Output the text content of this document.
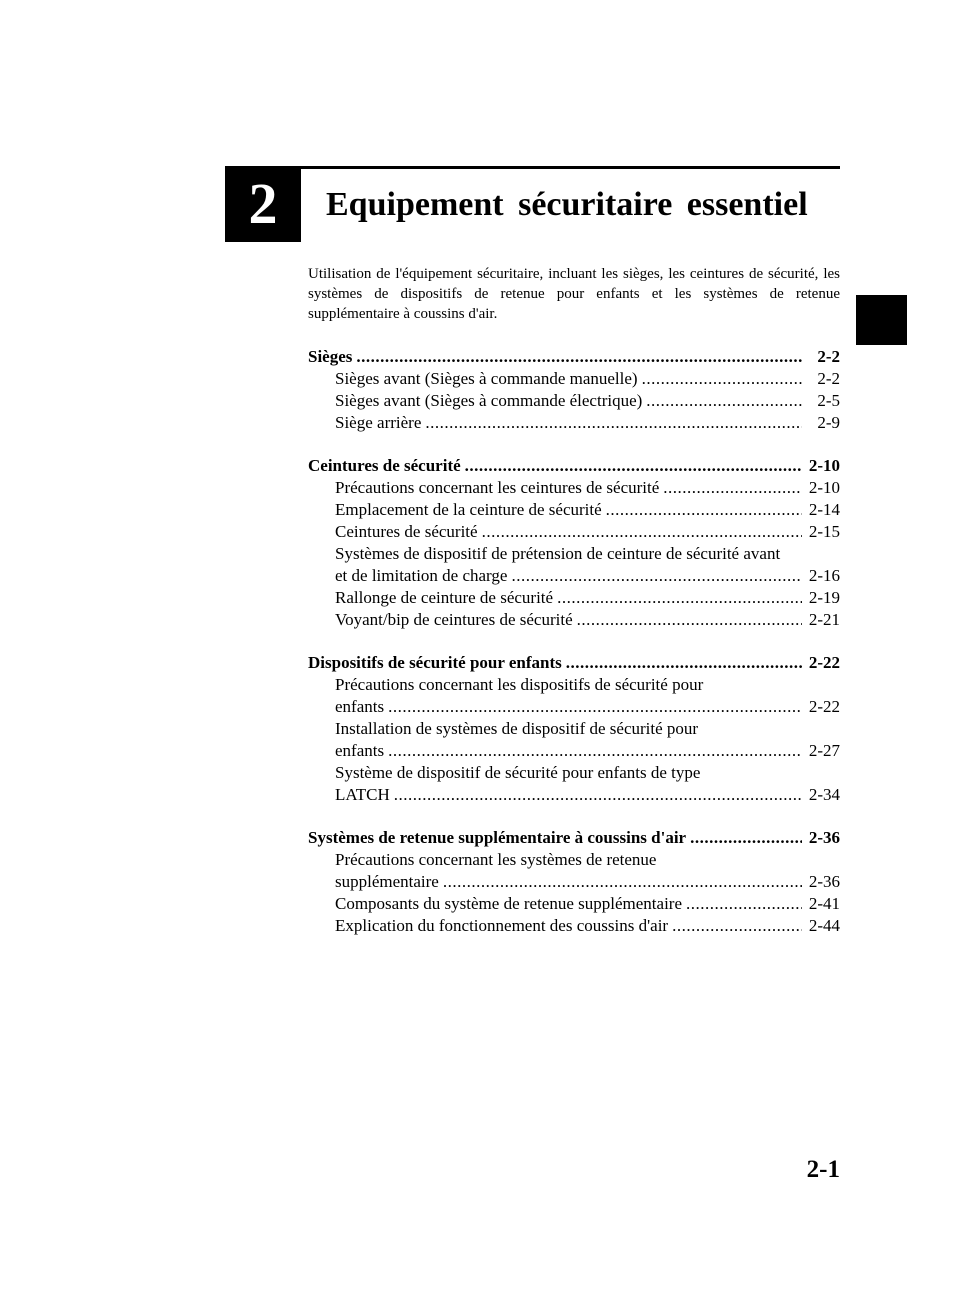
2	Equipement sécuritaire essentiel

Utilisation de l'équipement sécuritaire, incluant les sièges, les ceintures de sécurité, les systèmes de dispositifs de retenue pour enfants et les systèmes de retenue supplémentaire à coussins d'air.

Sièges .....	2-2
Sièges avant (Sièges à commande manuelle) .....	2-2
Sièges avant (Sièges à commande électrique) .....	2-5
Siège arrière .....	2-9
Ceintures de sécurité .....	2-10
Précautions concernant les ceintures de sécurité .....	2-10
Emplacement de la ceinture de sécurité .....	2-14
Ceintures de sécurité .....	2-15
Systèmes de dispositif de prétension de ceinture de sécurité avant
et de limitation de charge .....	2-16
Rallonge de ceinture de sécurité .....	2-19
Voyant/bip de ceintures de sécurité .....	2-21
Dispositifs de sécurité pour enfants .....	2-22
Précautions concernant les dispositifs de sécurité pour
enfants .....	2-22
Installation de systèmes de dispositif de sécurité pour
enfants .....	2-27
Système de dispositif de sécurité pour enfants de type
LATCH .....	2-34
Systèmes de retenue supplémentaire à coussins d'air .....	2-36
Précautions concernant les systèmes de retenue
supplémentaire .....	2-36
Composants du système de retenue supplémentaire .....	2-41
Explication du fonctionnement des coussins d'air .....	2-44
2-1
